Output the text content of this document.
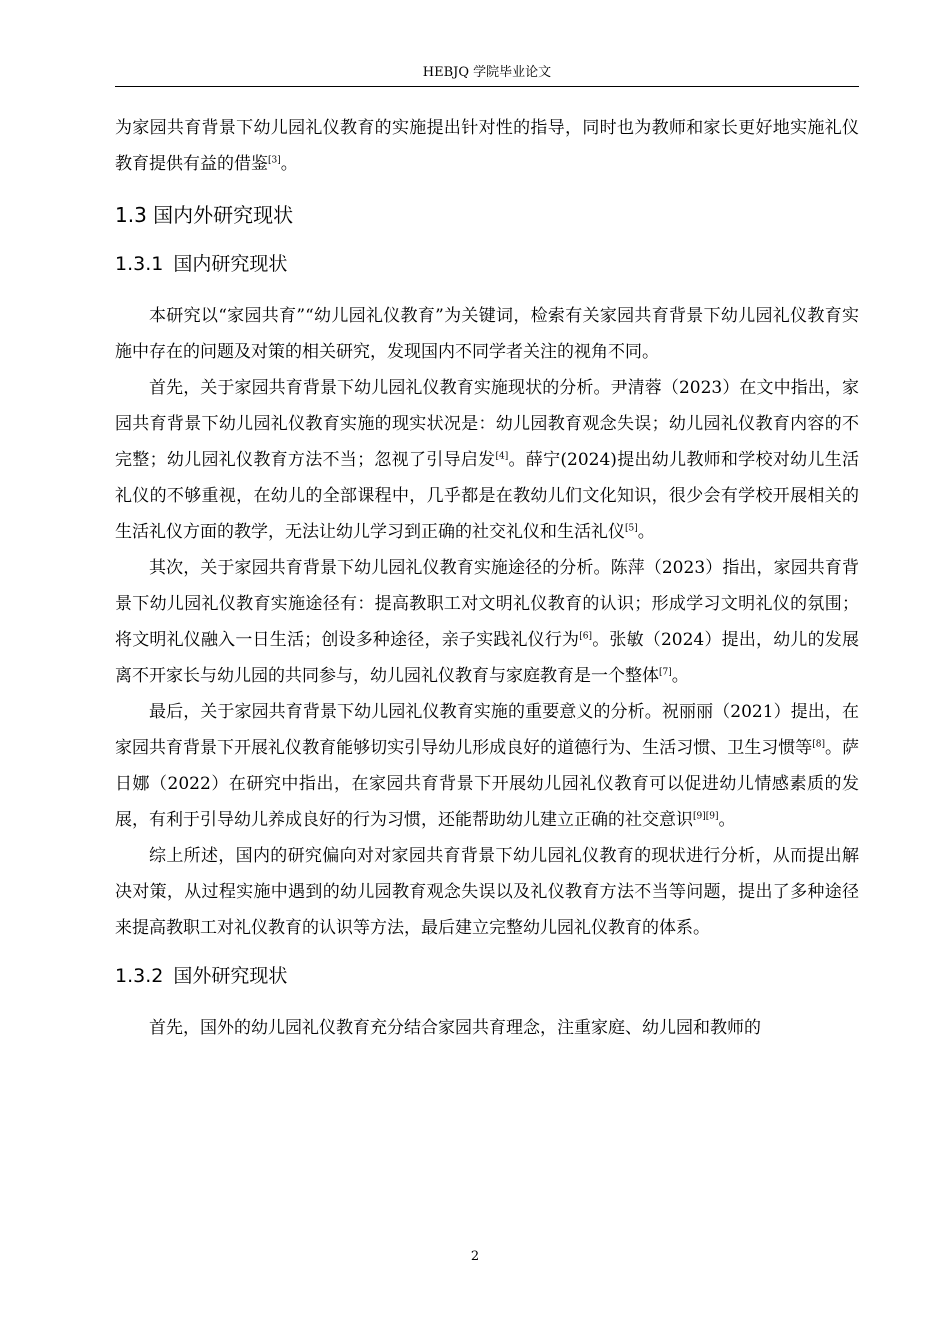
HEBJQ 学院毕业论文

为家园共育背景下幼儿园礼仪教育的实施提出针对性的指导，同时也为教师和家长更好地实施礼仪教育提供有益的借鉴[3]。

1.3 国内外研究现状
1.3.1 国内研究现状

本研究以“家园共育”“幼儿园礼仪教育”为关键词，检索有关家园共育背景下幼儿园礼仪教育实施中存在的问题及对策的相关研究，发现国内不同学者关注的视角不同。

首先，关于家园共育背景下幼儿园礼仪教育实施现状的分析。尹清蓉（2023）在文中指出，家园共育背景下幼儿园礼仪教育实施的现实状况是：幼儿园教育观念失误；幼儿园礼仪教育内容的不完整；幼儿园礼仪教育方法不当；忽视了引导启发[4]。薛宁(2024)提出幼儿教师和学校对幼儿生活礼仪的不够重视，在幼儿的全部课程中，几乎都是在教幼儿们文化知识，很少会有学校开展相关的生活礼仪方面的教学，无法让幼儿学习到正确的社交礼仪和生活礼仪[5]。

其次，关于家园共育背景下幼儿园礼仪教育实施途径的分析。陈萍（2023）指出，家园共育背景下幼儿园礼仪教育实施途径有：提高教职工对文明礼仪教育的认识；形成学习文明礼仪的氛围；将文明礼仪融入一日生活；创设多种途径，亲子实践礼仪行为[6]。张敏（2024）提出，幼儿的发展离不开家长与幼儿园的共同参与，幼儿园礼仪教育与家庭教育是一个整体[7]。

最后，关于家园共育背景下幼儿园礼仪教育实施的重要意义的分析。祝丽丽（2021）提出，在家园共育背景下开展礼仪教育能够切实引导幼儿形成良好的道德行为、生活习惯、卫生习惯等[8]。萨日娜（2022）在研究中指出，在家园共育背景下开展幼儿园礼仪教育可以促进幼儿情感素质的发展，有利于引导幼儿养成良好的行为习惯，还能帮助幼儿建立正确的社交意识[9][9]。

综上所述，国内的研究偏向对对家园共育背景下幼儿园礼仪教育的现状进行分析，从而提出解决对策，从过程实施中遇到的幼儿园教育观念失误以及礼仪教育方法不当等问题，提出了多种途径来提高教职工对礼仪教育的认识等方法，最后建立完整幼儿园礼仪教育的体系。

1.3.2 国外研究现状

首先，国外的幼儿园礼仪教育充分结合家园共育理念，注重家庭、幼儿园和教师的

2
